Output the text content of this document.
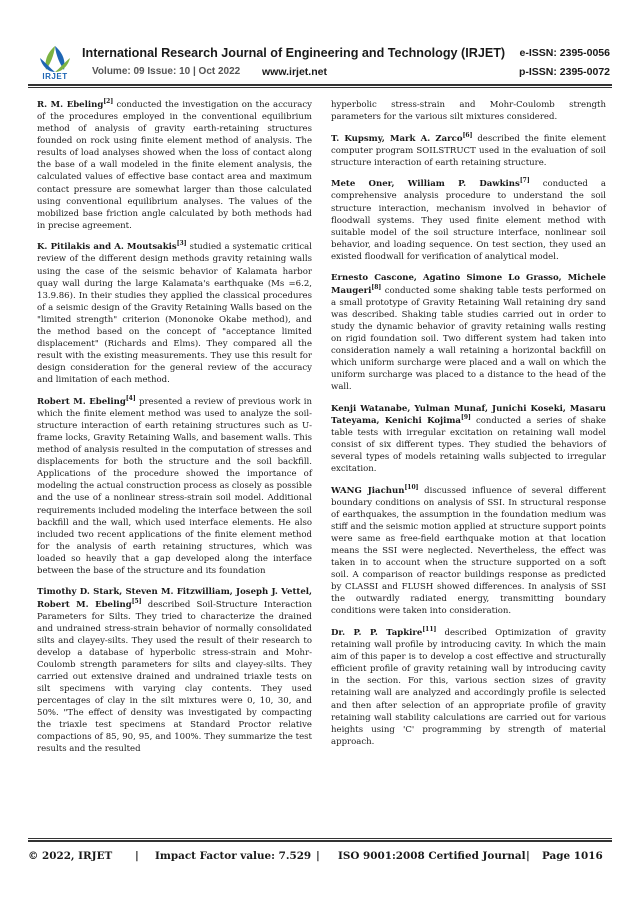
IRJET
International Research Journal of Engineering and Technology (IRJET) e-ISSN: 2395-0056
Volume: 09 Issue: 10 | Oct 2022 www.irjet.net	p-ISSN: 2395-0072

R. M. Ebeling[2] conducted the investigation on the accuracy of the procedures employed in the conventional equilibrium method of analysis of gravity earth-retaining structures founded on rock using finite element method of analysis. The results of load analyses showed when the loss of contact along the base of a wall modeled in the finite element analysis, the calculated values of effective base contact area and maximum contact pressure are somewhat larger than those calculated using conventional equilibrium analyses. The values of the mobilized base friction angle calculated by both methods had in precise agreement.

K. Pitilakis and A. Moutsakis[3] studied a systematic critical review of the different design methods gravity retaining walls using the case of the seismic behavior of Kalamata harbor quay wall during the large Kalamata's earthquake (Ms =6.2, 13.9.86). In their studies they applied the classical procedures of a seismic design of the Gravity Retaining Walls based on the "limited strength" criterion (Mononoke Okabe method), and the method based on the concept of "acceptance limited displacement" (Richards and Elms). They compared all the result with the existing measurements. They use this result for design consideration for the general review of the accuracy and limitation of each method.

Robert M. Ebeling[4] presented a review of previous work in which the finite element method was used to analyze the soil- structure interaction of earth retaining structures such as U-frame locks, Gravity Retaining Walls, and basement walls. This method of analysis resulted in the computation of stresses and displacements for both the structure and the soil backfill. Applications of the procedure showed the importance of modeling the actual construction process as closely as possible and the use of a nonlinear stress-strain soil model. Additional requirements included modeling the interface between the soil backfill and the wall, which used interface elements. He also included two recent applications of the finite element method for the analysis of earth retaining structures, which was loaded so heavily that a gap developed along the interface between the base of the structure and its foundation

Timothy D. Stark, Steven M. Fitzwilliam, Joseph J. Vettel, Robert M. Ebeling[5] described Soil-Structure Interaction Parameters for Silts. They tried to characterize the drained and undrained stress-strain behavior of normally consolidated silts and clayey-silts. They used the result of their research to develop a database of hyperbolic stress-strain and Mohr-Coulomb strength parameters for silts and clayey-silts. They carried out extensive drained and undrained triaxle tests on silt specimens with varying clay contents. They used percentages of clay in the silt mixtures were 0, 10, 30, and 50%. "The effect of density was investigated by compacting the triaxle test specimens at Standard Proctor relative compactions of 85, 90, 95, and 100%. They summarize the test results and the resulted

hyperbolic stress-strain and Mohr-Coulomb strength parameters for the various silt mixtures considered.

T. Kupsmy, Mark A. Zarco[6] described the finite element computer program SOILSTRUCT used in the evaluation of soil structure interaction of earth retaining structure.

Mete Oner, William P. Dawkins[7] conducted a comprehensive analysis procedure to understand the soil structure interaction, mechanism involved in behavior of floodwall systems. They used finite element method with suitable model of the soil structure interface, nonlinear soil behavior, and loading sequence. On test section, they used an existed floodwall for verification of analytical model.

Ernesto Cascone, Agatino Simone Lo Grasso, Michele Maugeri[8] conducted some shaking table tests performed on a small prototype of Gravity Retaining Wall retaining dry sand was described. Shaking table studies carried out in order to study the dynamic behavior of gravity retaining walls resting on rigid foundation soil. Two different system had taken into consideration namely a wall retaining a horizontal backfill on which uniform surcharge were placed and a wall on which the uniform surcharge was placed to a distance to the head of the wall.

Kenji Watanabe, Yulman Munaf, Junichi Koseki, Masaru Tateyama, Kenichi Kojima[9] conducted a series of shake table tests with irregular excitation on retaining wall model consist of six different types. They studied the behaviors of several types of models retaining walls subjected to irregular excitation.

WANG Jiachun[10] discussed influence of several different boundary conditions on analysis of SSI. In structural response of earthquakes, the assumption in the foundation medium was stiff and the seismic motion applied at structure support points were same as free-field earthquake motion at that location means the SSI were neglected. Nevertheless, the effect was taken in to account when the structure supported on a soft soil. A comparison of reactor buildings response as predicted by CLASSI and FLUSH showed differences. In analysis of SSI the outwardly radiated energy, transmitting boundary conditions were taken into consideration.

Dr. P. P. Tapkire[11] described Optimization of gravity retaining wall profile by introducing cavity. In which the main aim of this paper is to develop a cost effective and structurally efficient profile of gravity retaining wall by introducing cavity in the section. For this, various section sizes of gravity retaining wall are analyzed and accordingly profile is selected and then after selection of an appropriate profile of gravity retaining wall stability calculations are carried out for various heights using 'C' programming by strength of material approach.

© 2022, IRJET | Impact Factor value: 7.529 | ISO 9001:2008 Certified Journal | Page 1016
